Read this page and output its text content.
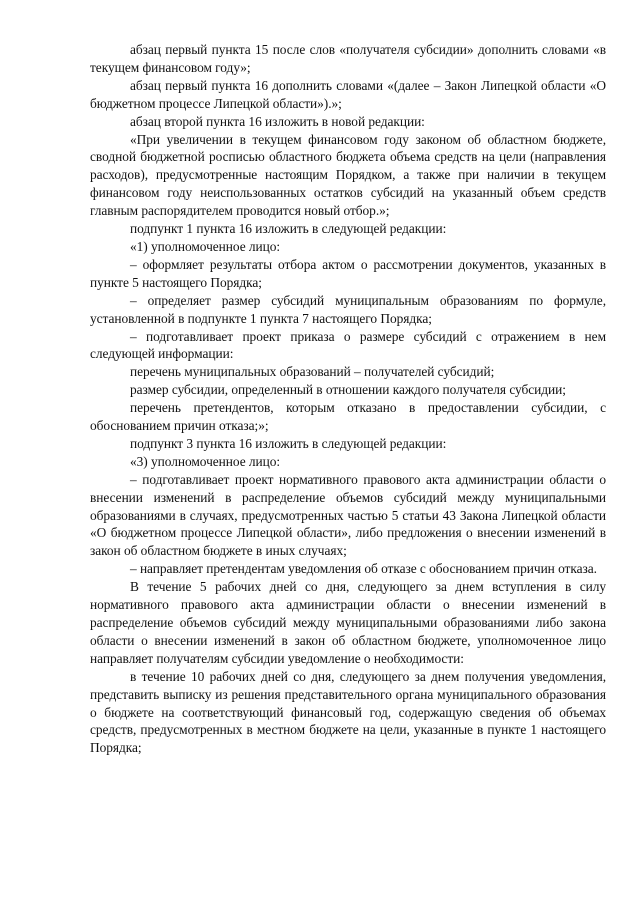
абзац первый пункта 15 после слов «получателя субсидии» дополнить словами «в текущем финансовом году»;

абзац первый пункта 16 дополнить словами «(далее – Закон Липецкой области «О бюджетном процессе Липецкой области»).»;

абзац второй пункта 16 изложить в новой редакции:

«При увеличении в текущем финансовом году законом об областном бюджете, сводной бюджетной росписью областного бюджета объема средств на цели (направления расходов), предусмотренные настоящим Порядком, а также при наличии в текущем финансовом году неиспользованных остатков субсидий на указанный объем средств главным распорядителем проводится новый отбор.»;

подпункт 1 пункта 16 изложить в следующей редакции:

«1) уполномоченное лицо:

– оформляет результаты отбора актом о рассмотрении документов, указанных в пункте 5 настоящего Порядка;

– определяет размер субсидий муниципальным образованиям по формуле, установленной в подпункте 1 пункта 7 настоящего Порядка;

– подготавливает проект приказа о размере субсидий с отражением в нем следующей информации:

перечень муниципальных образований – получателей субсидий;

размер субсидии, определенный в отношении каждого получателя субсидии;

перечень претендентов, которым отказано в предоставлении субсидии, с обоснованием причин отказа;»;

подпункт 3 пункта 16 изложить в следующей редакции:

«3) уполномоченное лицо:

– подготавливает проект нормативного правового акта администрации области о внесении изменений в распределение объемов субсидий между муниципальными образованиями в случаях, предусмотренных частью 5 статьи 43 Закона Липецкой области «О бюджетном процессе Липецкой области», либо предложения о внесении изменений в закон об областном бюджете в иных случаях;

– направляет претендентам уведомления об отказе с обоснованием причин отказа.

В течение 5 рабочих дней со дня, следующего за днем вступления в силу нормативного правового акта администрации области о внесении изменений в распределение объемов субсидий между муниципальными образованиями либо закона области о внесении изменений в закон об областном бюджете, уполномоченное лицо направляет получателям субсидии уведомление о необходимости:

в течение 10 рабочих дней со дня, следующего за днем получения уведомления, представить выписку из решения представительного органа муниципального образования о бюджете на соответствующий финансовый год, содержащую сведения об объемах средств, предусмотренных в местном бюджете на цели, указанные в пункте 1 настоящего Порядка;
